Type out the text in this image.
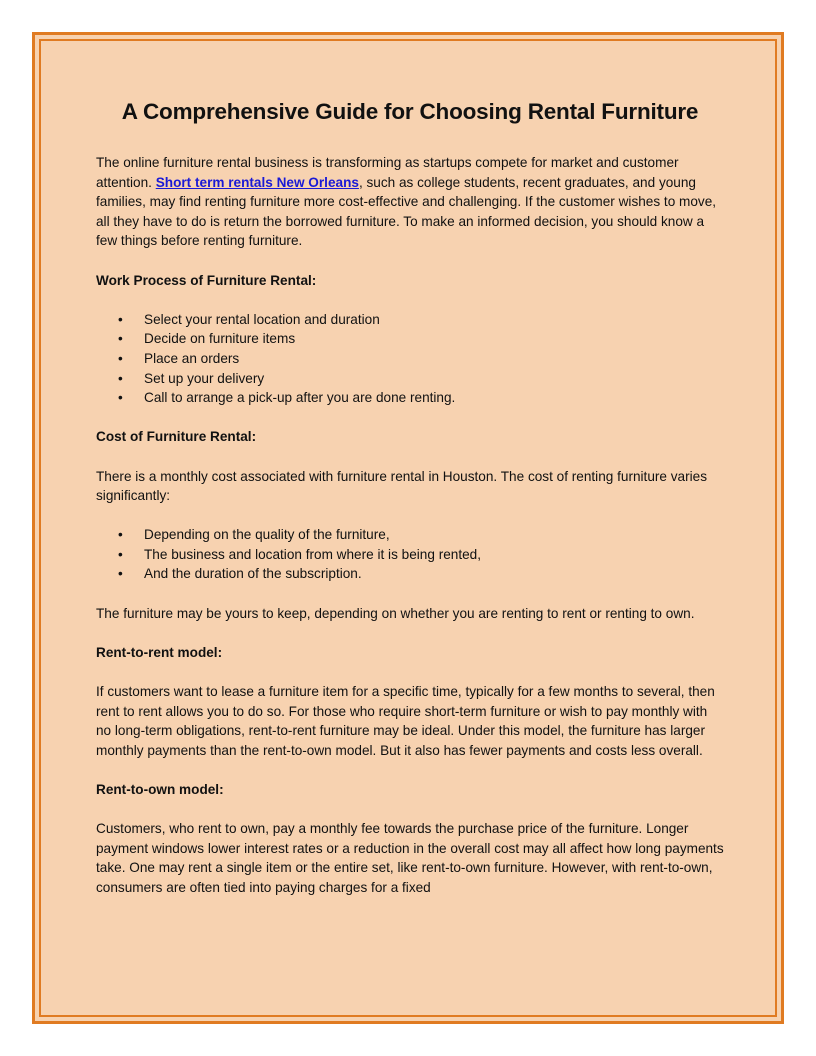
A Comprehensive Guide for Choosing Rental Furniture

The online furniture rental business is transforming as startups compete for market and customer attention. Short term rentals New Orleans, such as college students, recent graduates, and young families, may find renting furniture more cost-effective and challenging. If the customer wishes to move, all they have to do is return the borrowed furniture. To make an informed decision, you should know a few things before renting furniture.

Work Process of Furniture Rental:

• Select your rental location and duration
• Decide on furniture items
• Place an orders
• Set up your delivery
• Call to arrange a pick-up after you are done renting.

Cost of Furniture Rental:

There is a monthly cost associated with furniture rental in Houston. The cost of renting furniture varies significantly:

• Depending on the quality of the furniture,
• The business and location from where it is being rented,
• And the duration of the subscription.

The furniture may be yours to keep, depending on whether you are renting to rent or renting to own.

Rent-to-rent model:

If customers want to lease a furniture item for a specific time, typically for a few months to several, then rent to rent allows you to do so. For those who require short-term furniture or wish to pay monthly with no long-term obligations, rent-to-rent furniture may be ideal. Under this model, the furniture has larger monthly payments than the rent-to-own model. But it also has fewer payments and costs less overall.

Rent-to-own model:

Customers, who rent to own, pay a monthly fee towards the purchase price of the furniture. Longer payment windows lower interest rates or a reduction in the overall cost may all affect how long payments take. One may rent a single item or the entire set, like rent-to-own furniture. However, with rent-to-own, consumers are often tied into paying charges for a fixed
